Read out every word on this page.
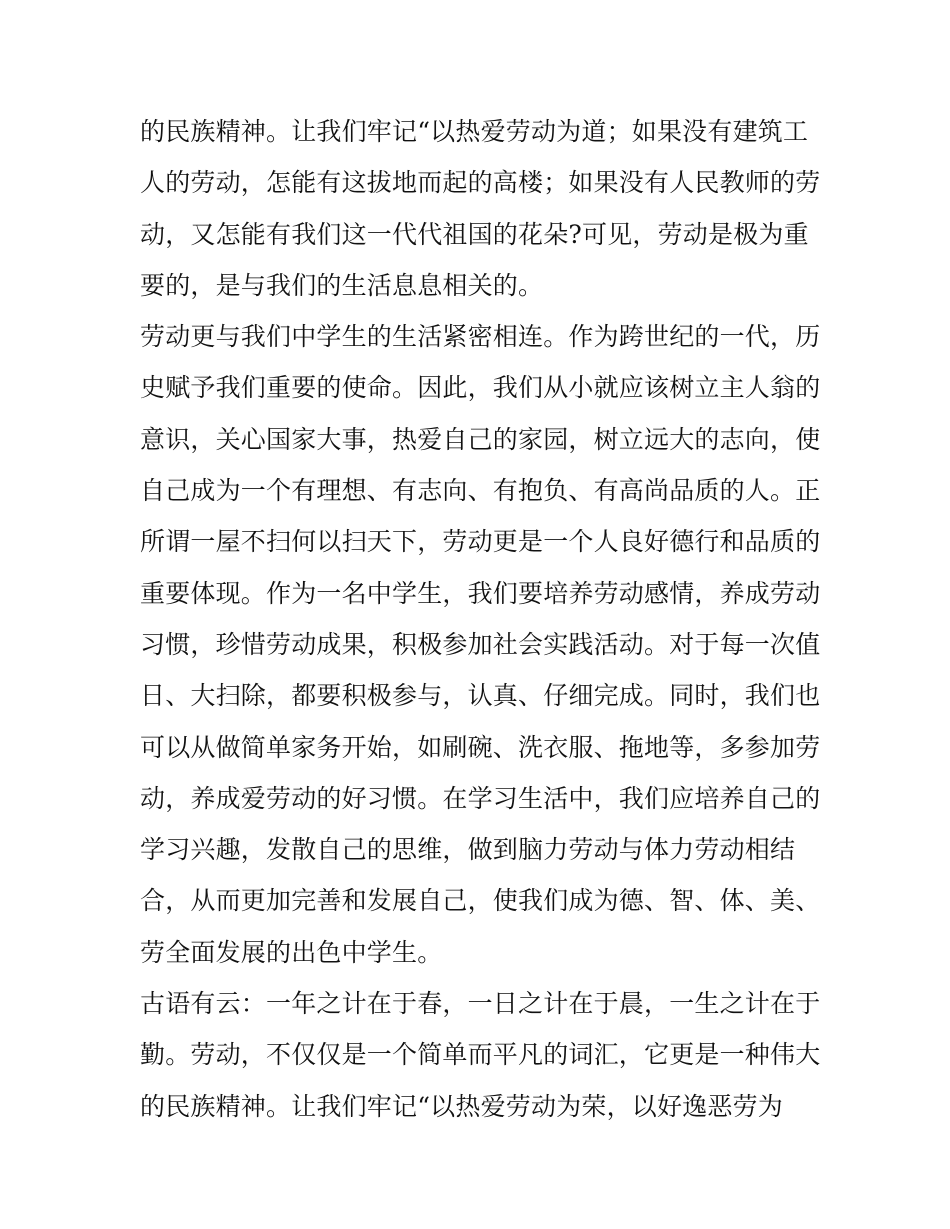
的民族精神。让我们牢记“以热爱劳动为道；如果没有建筑工
人的劳动，怎能有这拔地而起的高楼；如果没有人民教师的劳
动，又怎能有我们这一代代祖国的花朵?可见，劳动是极为重
要的，是与我们的生活息息相关的。
劳动更与我们中学生的生活紧密相连。作为跨世纪的一代，历
史赋予我们重要的使命。因此，我们从小就应该树立主人翁的
意识，关心国家大事，热爱自己的家园，树立远大的志向，使
自己成为一个有理想、有志向、有抱负、有高尚品质的人。正
所谓一屋不扫何以扫天下，劳动更是一个人良好德行和品质的
重要体现。作为一名中学生，我们要培养劳动感情，养成劳动
习惯，珍惜劳动成果，积极参加社会实践活动。对于每一次值
日、大扫除，都要积极参与，认真、仔细完成。同时，我们也
可以从做简单家务开始，如刷碗、洗衣服、拖地等，多参加劳
动，养成爱劳动的好习惯。在学习生活中，我们应培养自己的
学习兴趣，发散自己的思维，做到脑力劳动与体力劳动相结
合，从而更加完善和发展自己，使我们成为德、智、体、美、
劳全面发展的出色中学生。
古语有云：一年之计在于春，一日之计在于晨，一生之计在于
勤。劳动，不仅仅是一个简单而平凡的词汇，它更是一种伟大
的民族精神。让我们牢记“以热爱劳动为荣，以好逸恶劳为
